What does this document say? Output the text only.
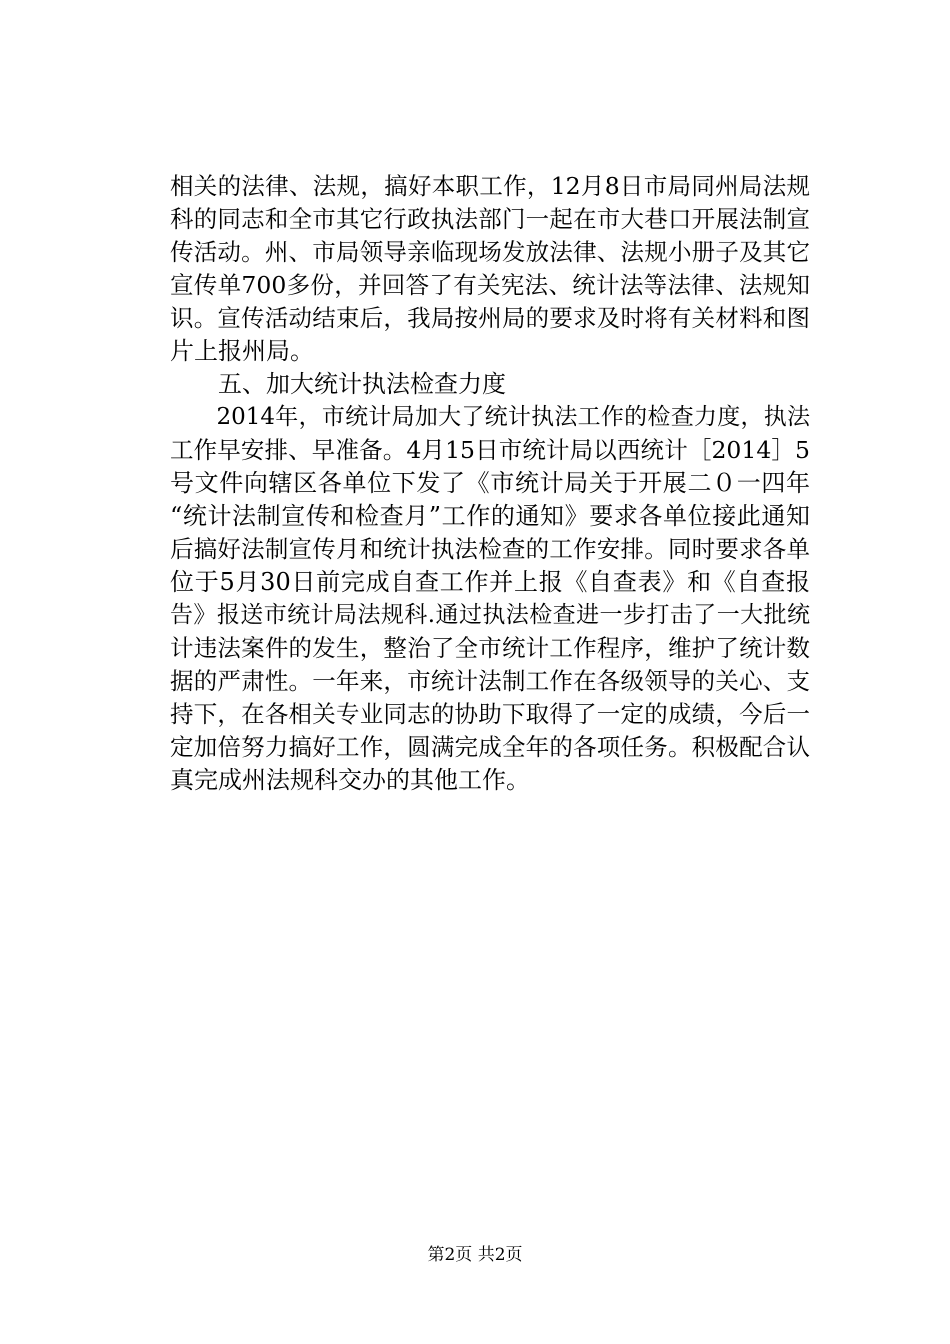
相关的法律、法规，搞好本职工作，12月8日市局同州局法规
科的同志和全市其它行政执法部门一起在市大巷口开展法制宣
传活动。州、市局领导亲临现场发放法律、法规小册子及其它
宣传单700多份，并回答了有关宪法、统计法等法律、法规知
识。宣传活动结束后，我局按州局的要求及时将有关材料和图
片上报州局。
　　五、加大统计执法检查力度
　　2014年，市统计局加大了统计执法工作的检查力度，执法
工作早安排、早准备。4月15日市统计局以西统计［2014］5
号文件向辖区各单位下发了《市统计局关于开展二０一四年
“统计法制宣传和检查月”工作的通知》要求各单位接此通知
后搞好法制宣传月和统计执法检查的工作安排。同时要求各单
位于5月30日前完成自查工作并上报《自查表》和《自查报
告》报送市统计局法规科.通过执法检查进一步打击了一大批统
计违法案件的发生，整治了全市统计工作程序，维护了统计数
据的严肃性。一年来，市统计法制工作在各级领导的关心、支
持下，在各相关专业同志的协助下取得了一定的成绩，今后一
定加倍努力搞好工作，圆满完成全年的各项任务。积极配合认
真完成州法规科交办的其他工作。
第2页 共2页
